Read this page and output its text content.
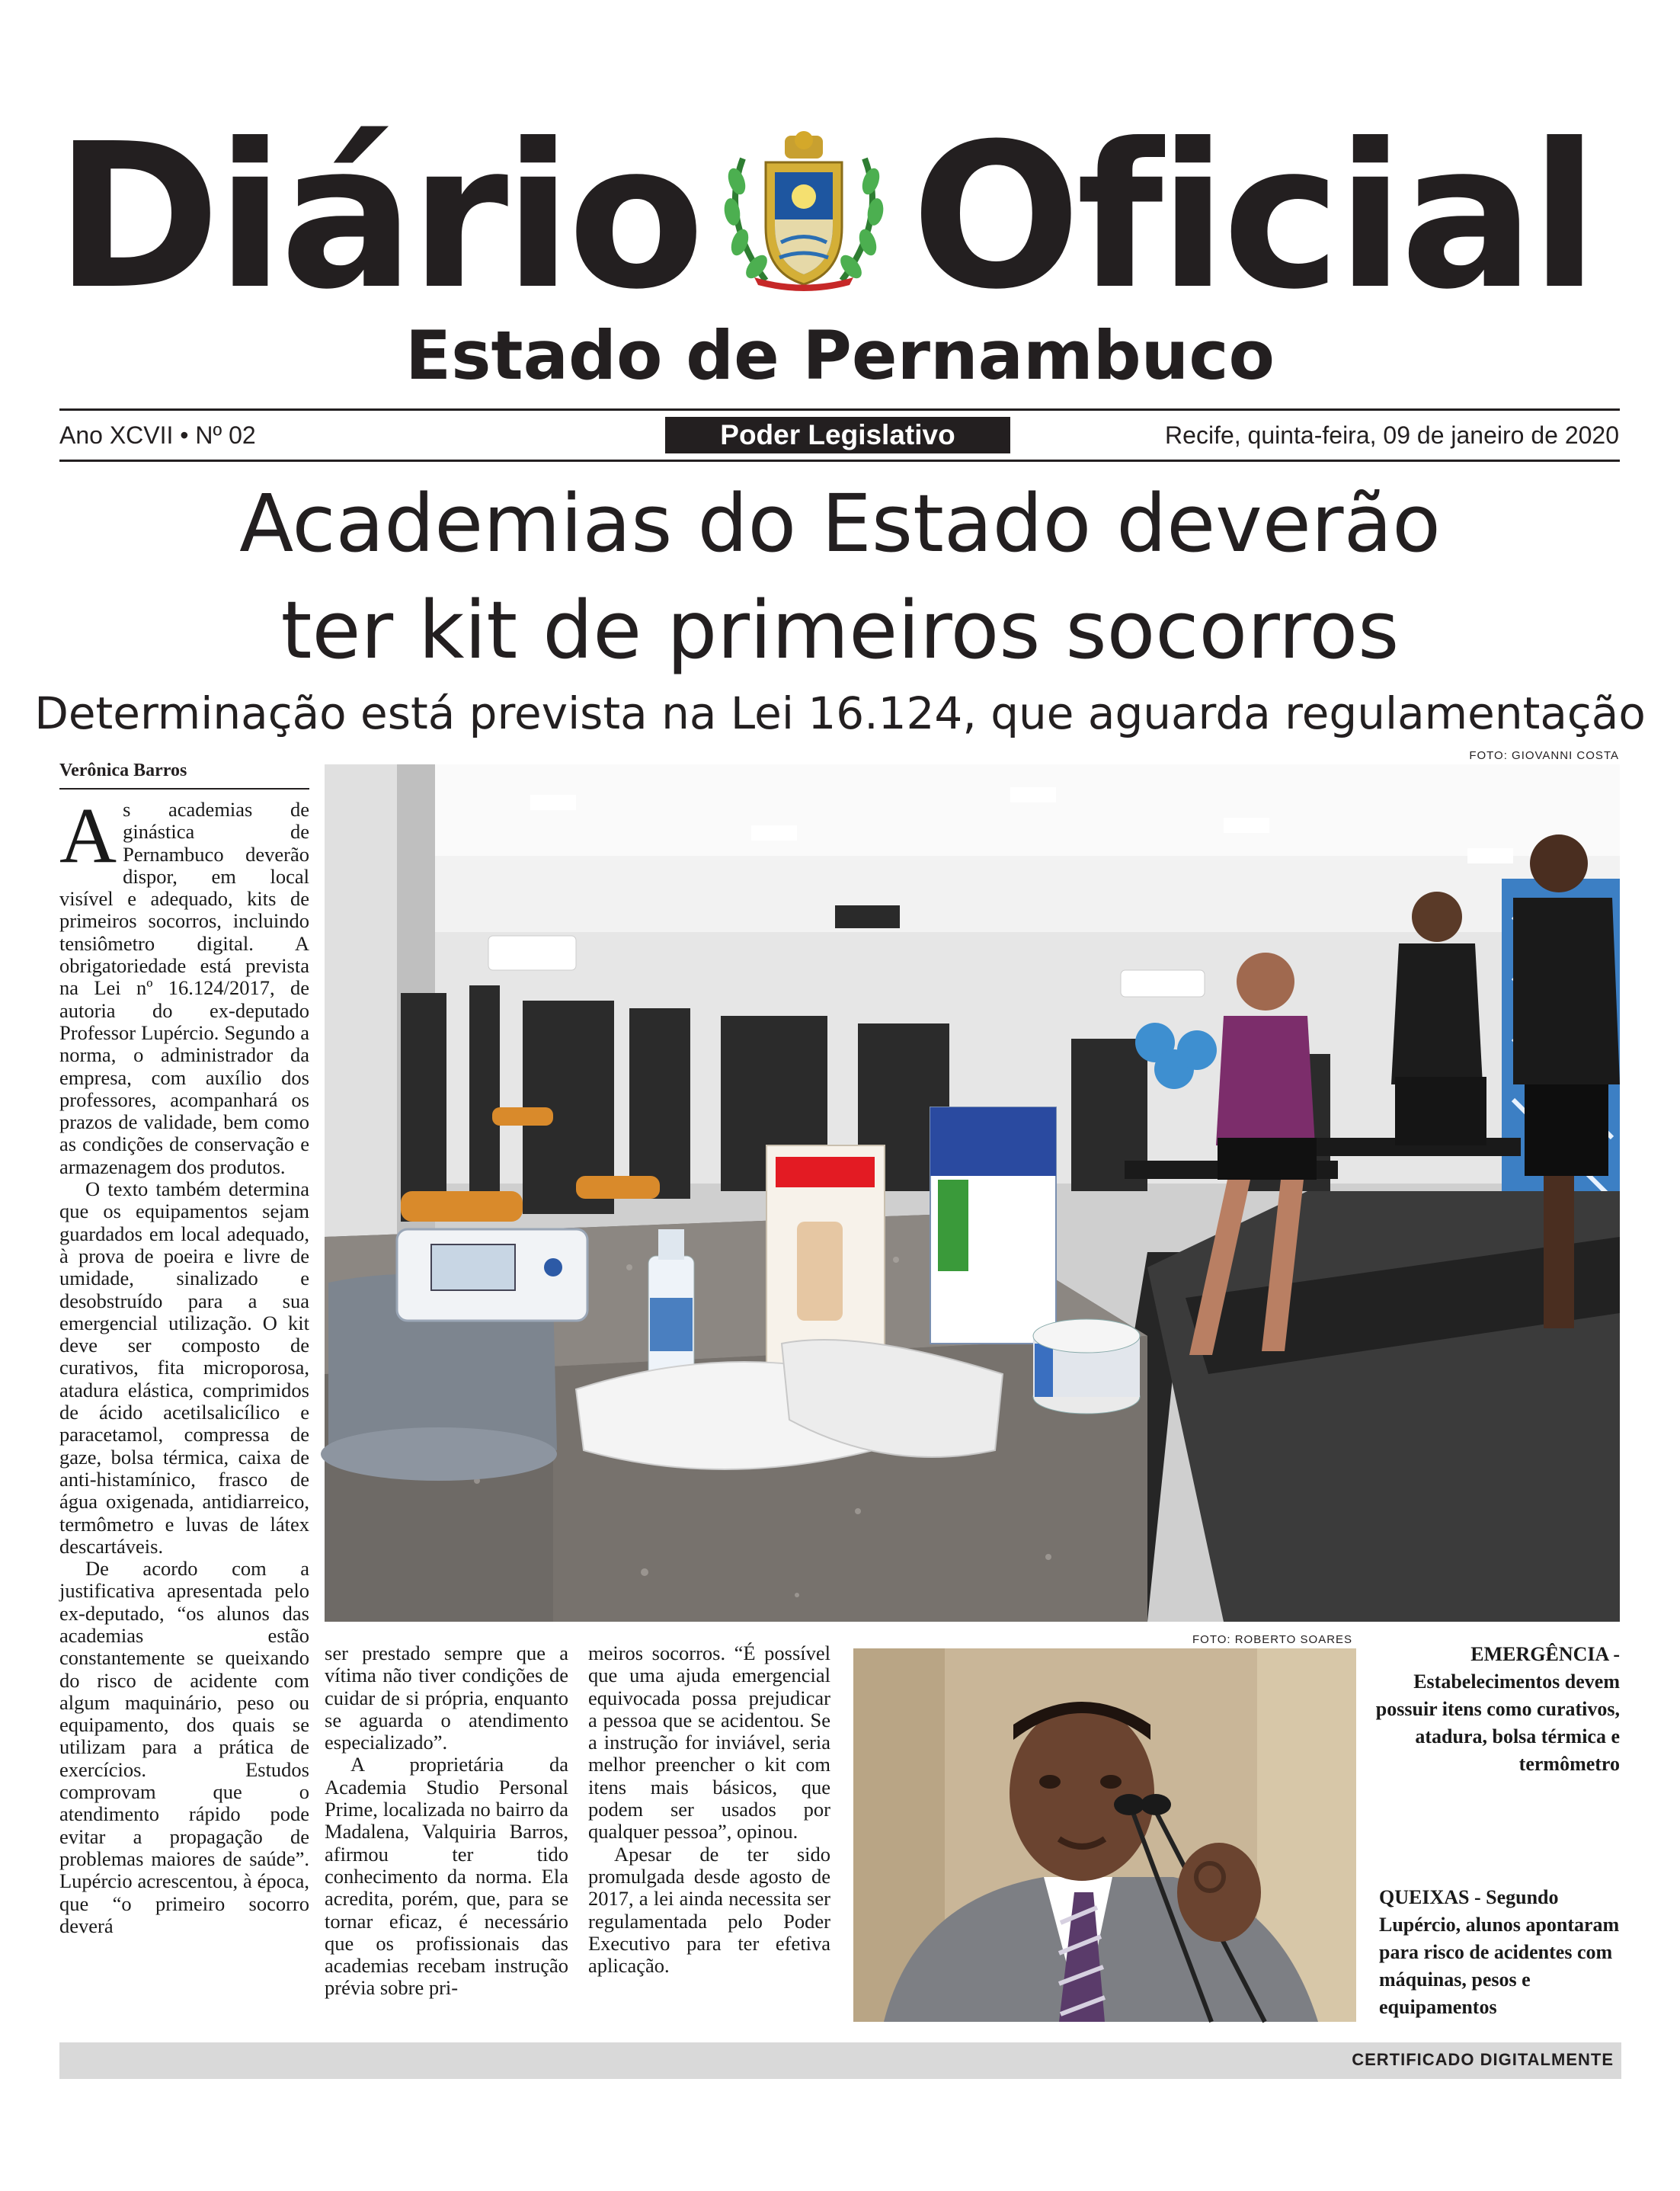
Diário Oficial
Estado de Pernambuco
Ano XCVII • Nº 02	Poder Legislativo	Recife, quinta-feira, 09 de janeiro de 2020
Academias do Estado deverão
ter kit de primeiros socorros
Determinação está prevista na Lei 16.124, que aguarda regulamentação
Verônica Barros

As academias de ginástica de Pernambuco deverão dispor, em local visível e adequado, kits de primeiros socorros, incluindo tensiômetro digital. A obrigatoriedade está prevista na Lei nº 16.124/2017, de autoria do ex-deputado Professor Lupércio. Segundo a norma, o administrador da empresa, com auxílio dos professores, acompanhará os prazos de validade, bem como as condições de conservação e armazenagem dos produtos.

O texto também determina que os equipamentos sejam guardados em local adequado, à prova de poeira e livre de umidade, sinalizado e desobstruído para a sua emergencial utilização. O kit deve ser composto de curativos, fita microporosa, atadura elástica, comprimidos de ácido acetilsalicílico e paracetamol, compressa de gaze, bolsa térmica, caixa de anti-histamínico, frasco de água oxigenada, antidiarreico, termômetro e luvas de látex descartáveis.

De acordo com a justificativa apresentada pelo ex-deputado, “os alunos das academias estão constantemente se queixando do risco de acidente com algum maquinário, peso ou equipamento, dos quais se utilizam para a prática de exercícios. Estudos comprovam que o atendimento rápido pode evitar a propagação de problemas maiores de saúde”. Lupércio acrescentou, à época, que “o primeiro socorro deverá

FOTO: GIOVANNI COSTA

ser prestado sempre que a vítima não tiver condições de cuidar de si própria, enquanto se aguarda o atendimento especializado”.

A proprietária da Academia Studio Personal Prime, localizada no bairro da Madalena, Valquiria Barros, afirmou ter tido conhecimento da norma. Ela acredita, porém, que, para se tornar eficaz, é necessário que os profissionais das academias recebam instrução prévia sobre pri-

meiros socorros. “É possível que uma ajuda emergencial equivocada possa prejudicar a pessoa que se acidentou. Se a instrução for inviável, seria melhor preencher o kit com itens mais básicos, que podem ser usados por qualquer pessoa”, opinou.

Apesar de ter sido promulgada desde agosto de 2017, a lei ainda necessita ser regulamentada pelo Poder Executivo para ter efetiva aplicação.

FOTO: ROBERTO SOARES
EMERGÊNCIA - Estabelecimentos devem possuir itens como curativos, atadura, bolsa térmica e termômetro
QUEIXAS - Segundo Lupércio, alunos apontaram para risco de acidentes com máquinas, pesos e equipamentos
CERTIFICADO DIGITALMENTE
